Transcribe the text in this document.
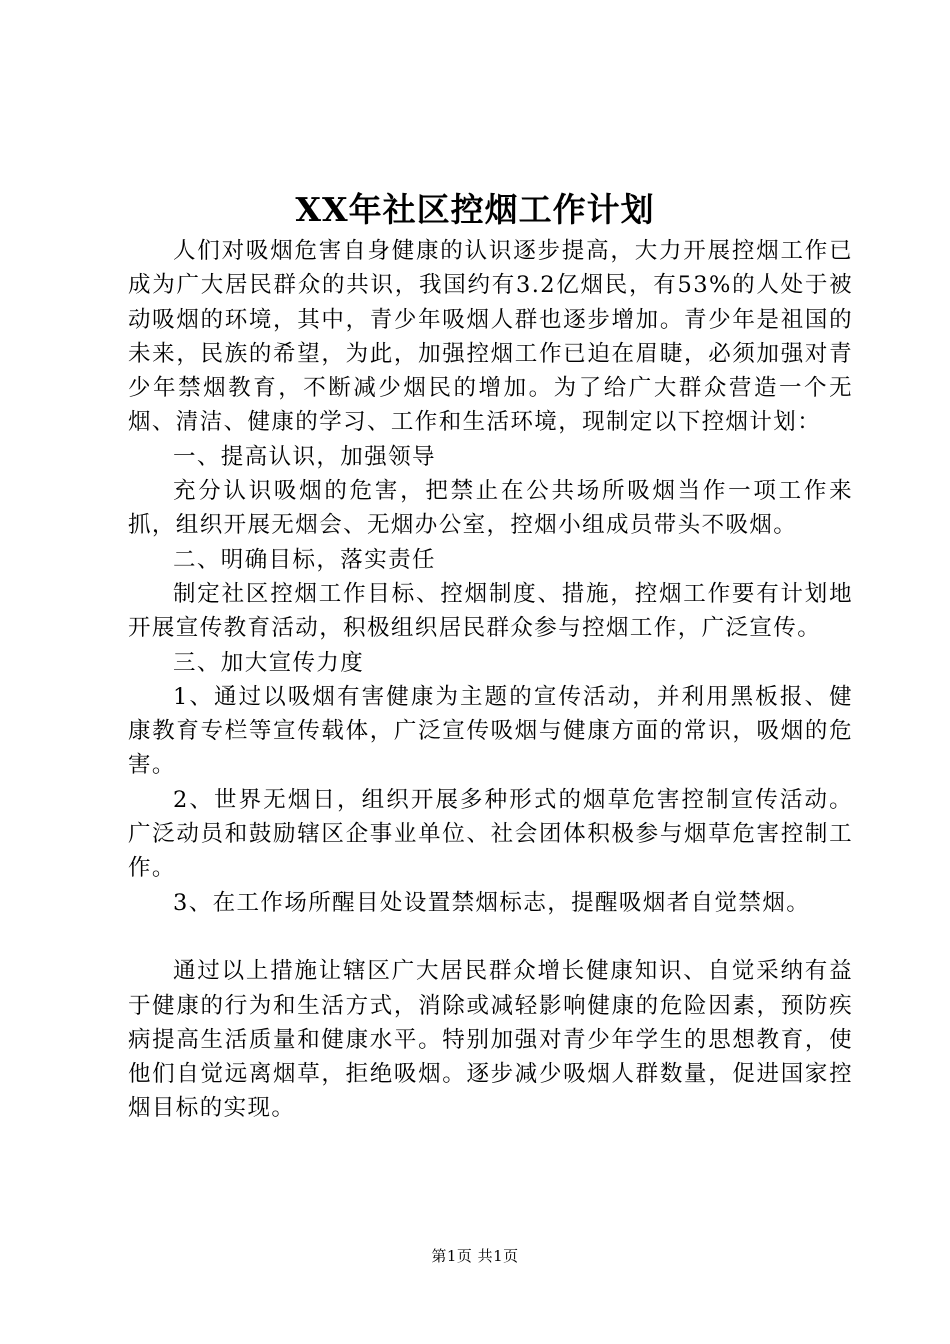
XX年社区控烟工作计划

人们对吸烟危害自身健康的认识逐步提高，大力开展控烟工作已成为广大居民群众的共识，我国约有3.2亿烟民，有53%的人处于被动吸烟的环境，其中，青少年吸烟人群也逐步增加。青少年是祖国的未来，民族的希望，为此，加强控烟工作已迫在眉睫，必须加强对青少年禁烟教育，不断减少烟民的增加。为了给广大群众营造一个无烟、清洁、健康的学习、工作和生活环境，现制定以下控烟计划：

一、提高认识，加强领导

充分认识吸烟的危害，把禁止在公共场所吸烟当作一项工作来抓，组织开展无烟会、无烟办公室，控烟小组成员带头不吸烟。

二、明确目标，落实责任

制定社区控烟工作目标、控烟制度、措施，控烟工作要有计划地开展宣传教育活动，积极组织居民群众参与控烟工作，广泛宣传。

三、加大宣传力度

1、通过以吸烟有害健康为主题的宣传活动，并利用黑板报、健康教育专栏等宣传载体，广泛宣传吸烟与健康方面的常识，吸烟的危害。

2、世界无烟日，组织开展多种形式的烟草危害控制宣传活动。广泛动员和鼓励辖区企事业单位、社会团体积极参与烟草危害控制工作。

3、在工作场所醒目处设置禁烟标志，提醒吸烟者自觉禁烟。

通过以上措施让辖区广大居民群众增长健康知识、自觉采纳有益于健康的行为和生活方式，消除或减轻影响健康的危险因素，预防疾病提高生活质量和健康水平。特别加强对青少年学生的思想教育，使他们自觉远离烟草，拒绝吸烟。逐步减少吸烟人群数量，促进国家控烟目标的实现。

第1页 共1页
